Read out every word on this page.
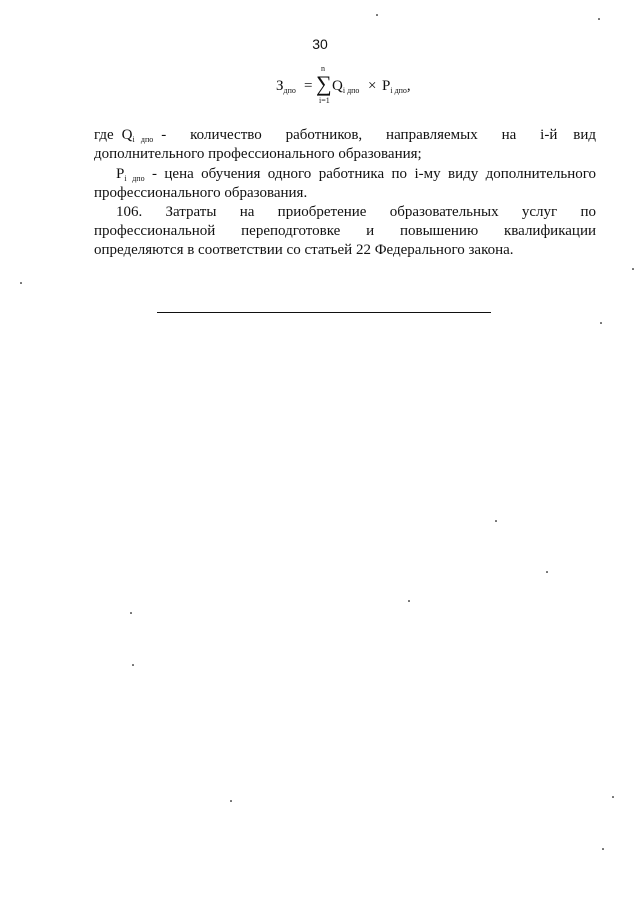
30
$З_{дпо}$ =
n
∑
i=1
$Q_{i дпо} \times P_{i дпо}$,
где $Q_{i дпо}$ -   количество   работников,   направляемых   на   i-й  вид
дополнительного профессионального образования;
$P_{i дпо}$ - цена обучения одного работника по i-му виду дополнительного
профессионального образования.
106. Затраты на приобретение образовательных услуг по
профессиональной переподготовке и повышению квалификации
определяются в соответствии со статьей 22 Федерального закона.
